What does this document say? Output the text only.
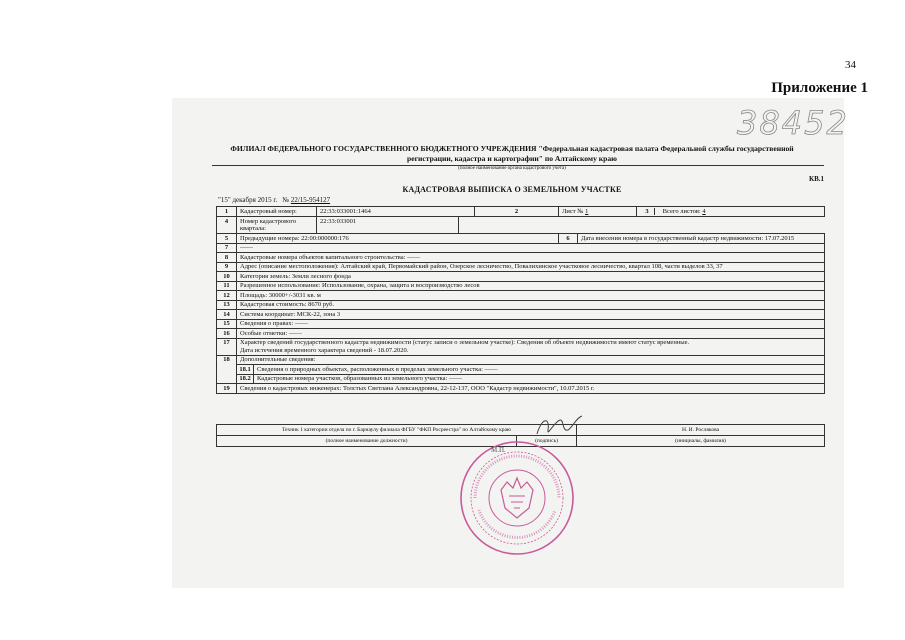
34
Приложение 1
38452
ФИЛИАЛ ФЕДЕРАЛЬНОГО ГОСУДАРСТВЕННОГО БЮДЖЕТНОГО УЧРЕЖДЕНИЯ "Федеральная кадастровая палата Федеральной службы государственной регистрации, кадастра и картографии" по Алтайскому краю
(полное наименование органа кадастрового учета)
КВ.1
КАДАСТРОВАЯ ВЫПИСКА О ЗЕМЕЛЬНОМ УЧАСТКЕ
"15" декабря 2015 г. № 22/15-954127
1	Кадастровый номер:	22:33:033001:1464	2	Лист № 1	3 Всего листов: 4
4	Номер кадастрового квартала:	22:33:033001	
5	Предыдущие номера: 22:00:000000:176	6	Дата внесения номера в государственный кадастр недвижимости: 17.07.2015
7	——
8	Кадастровые номера объектов капитального строительства: ——
9	Адрес (описание местоположения): Алтайский край, Первомайский район, Озерское лесничество, Повалихинское участковое лесничество, квартал 108, части выделов 33, 37
10	Категория земель: Земли лесного фонда
11	Разрешенное использование: Использование, охрана, защита и воспроизводство лесов
12	Площадь: 30000+/-3031 кв. м
13	Кадастровая стоимость: 8670 руб.
14	Система координат: МСК-22, зона 3
15	Сведения о правах: ——
16	Особые отметки: ——
17	Характер сведений государственного кадастра недвижимости (статус записи о земельном участке): Сведения об объекте недвижимости имеют статус временные.
Дата истечения временного характера сведений - 18.07.2020.

18	Дополнительные сведения:
18.1	Сведения о природных объектах, расположенных в пределах земельного участка: ——
18.2	Кадастровые номера участков, образованных из земельного участка: ——

19	Сведения о кадастровых инженерах: Толстых Светлана Александровна, 22-12-137, ООО "Кадастр недвижимости", 10.07.2015 г.
Техник 1 категории отдела по г. Барнаулу филиала ФГБУ "ФКП Росреестра" по Алтайскому краю		Н. И. Рослякова
(полное наименование должности)	(подпись)	(инициалы, фамилия)
М.П.
